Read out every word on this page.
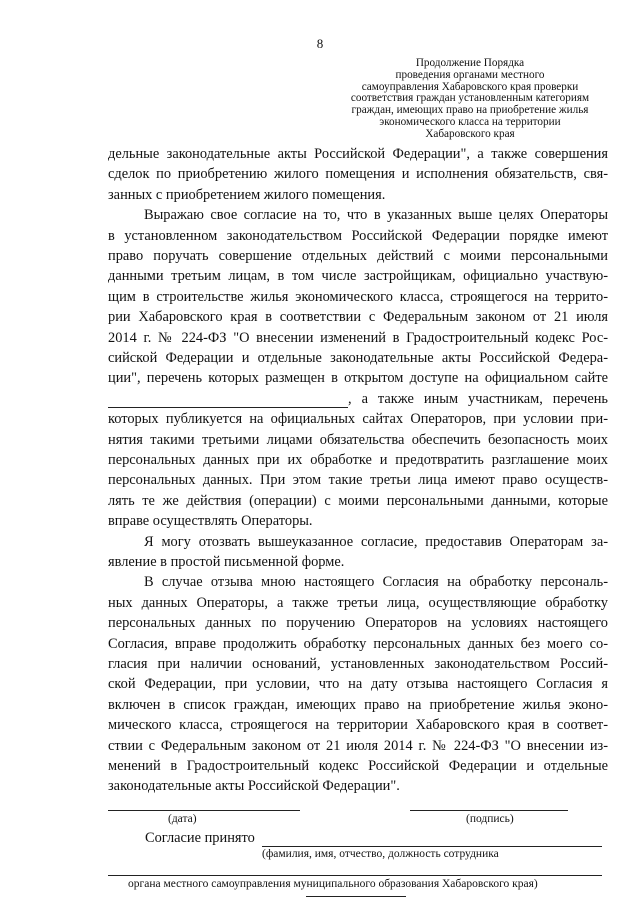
8
Продолжение Порядка
проведения органами местного
самоуправления Хабаровского края проверки
соответствия граждан установленным категориям
граждан, имеющих право на приобретение жилья
экономического класса на территории
Хабаровского края
дельные законодательные акты Российской Федерации", а также совершения
сделок по приобретению жилого помещения и исполнения обязательств, свя-
занных с приобретением жилого помещения.
Выражаю свое согласие на то, что в указанных выше целях Операторы
в установленном законодательством Российской Федерации порядке имеют
право поручать совершение отдельных действий с моими персональными
данными третьим лицам, в том числе застройщикам, официально участвую-
щим в строительстве жилья экономического класса, строящегося на террито-
рии Хабаровского края в соответствии с Федеральным законом от 21 июля
2014 г. № 224-ФЗ "О внесении изменений в Градостроительный кодекс Рос-
сийской Федерации и отдельные законодательные акты Российской Федера-
ции", перечень которых размещен в открытом доступе на официальном сайте
, а также иным участникам, перечень
которых публикуется на официальных сайтах Операторов, при условии при-
нятия такими третьими лицами обязательства обеспечить безопасность моих
персональных данных при их обработке и предотвратить разглашение моих
персональных данных. При этом такие третьи лица имеют право осуществ-
лять те же действия (операции) с моими персональными данными, которые
вправе осуществлять Операторы.
Я могу отозвать вышеуказанное согласие, предоставив Операторам за-
явление в простой письменной форме.
В случае отзыва мною настоящего Согласия на обработку персональ-
ных данных Операторы, а также третьи лица, осуществляющие обработку
персональных данных по поручению Операторов на условиях настоящего
Согласия, вправе продолжить обработку персональных данных без моего со-
гласия при наличии оснований, установленных законодательством Россий-
ской Федерации, при условии, что на дату отзыва настоящего Согласия я
включен в список граждан, имеющих право на приобретение жилья эконо-
мического класса, строящегося на территории Хабаровского края в соответ-
ствии с Федеральным законом от 21 июля 2014 г. № 224-ФЗ "О внесении из-
менений в Градостроительный кодекс Российской Федерации и отдельные
законодательные акты Российской Федерации".
(дата)	(подпись)
Согласие принято
(фамилия, имя, отчество, должность сотрудника
органа местного самоуправления муниципального образования Хабаровского края)
